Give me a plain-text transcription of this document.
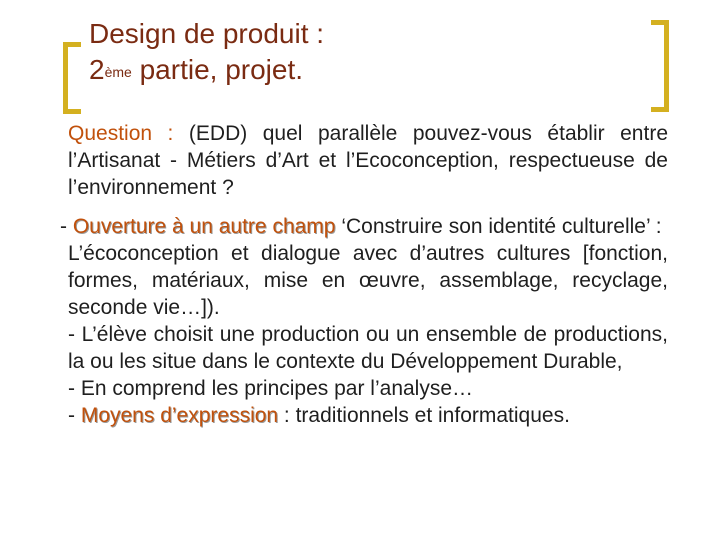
Design de produit :
2ème partie, projet.

Question : (EDD) quel parallèle pouvez-vous établir entre l’Artisanat - Métiers d’Art et l’Ecoconception, respectueuse de l’environnement ?

- Ouverture à un autre champ ‘Construire son identité culturelle’ :
L’écoconception et dialogue avec d’autres cultures [fonction, formes, matériaux, mise en œuvre, assemblage, recyclage, seconde vie…]).
- L’élève choisit une production ou un ensemble de productions, la ou les situe dans le contexte du Développement Durable,
- En comprend les principes par l’analyse…
- Moyens d’expression : traditionnels et informatiques.
